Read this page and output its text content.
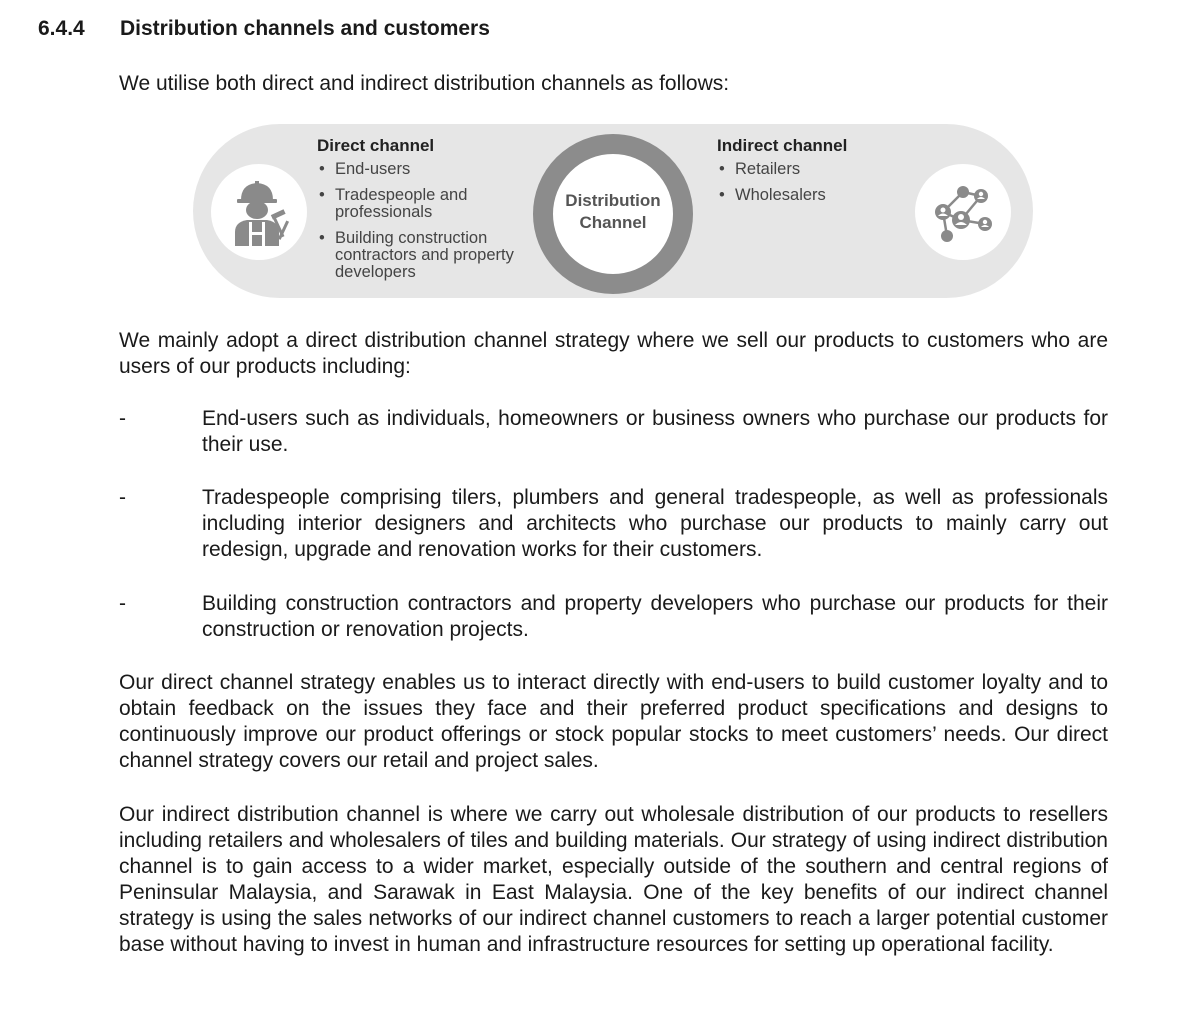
6.4.4 Distribution channels and customers
We utilise both direct and indirect distribution channels as follows:
Direct channel
• End-users
• Tradespeople and professionals
• Building construction contractors and property developers
Distribution
Channel
Indirect channel
• Retailers
• Wholesalers

We mainly adopt a direct distribution channel strategy where we sell our products to customers who are users of our products including:

-	End-users such as individuals, homeowners or business owners who purchase our products for their use.
-	Tradespeople comprising tilers, plumbers and general tradespeople, as well as professionals including interior designers and architects who purchase our products to mainly carry out redesign, upgrade and renovation works for their customers.
-	Building construction contractors and property developers who purchase our products for their construction or renovation projects.

Our direct channel strategy enables us to interact directly with end-users to build customer loyalty and to obtain feedback on the issues they face and their preferred product specifications and designs to continuously improve our product offerings or stock popular stocks to meet customers’ needs. Our direct channel strategy covers our retail and project sales.

Our indirect distribution channel is where we carry out wholesale distribution of our products to resellers including retailers and wholesalers of tiles and building materials. Our strategy of using indirect distribution channel is to gain access to a wider market, especially outside of the southern and central regions of Peninsular Malaysia, and Sarawak in East Malaysia. One of the key benefits of our indirect channel strategy is using the sales networks of our indirect channel customers to reach a larger potential customer base without having to invest in human and infrastructure resources for setting up operational facility.
